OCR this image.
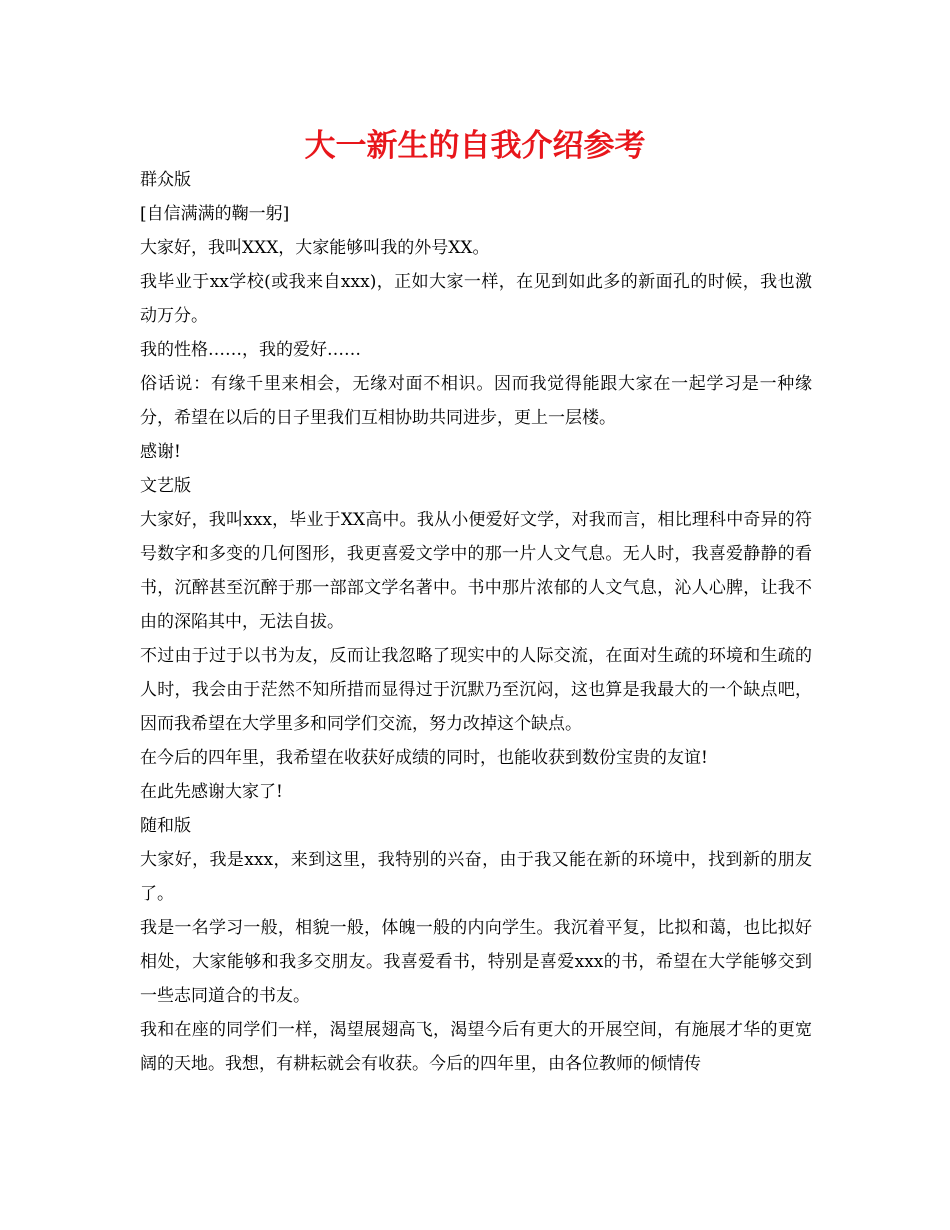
大一新生的自我介绍参考

群众版

[自信满满的鞠一躬]

大家好，我叫XXX，大家能够叫我的外号XX。

我毕业于xx学校(或我来自xxx)，正如大家一样，在见到如此多的新面孔的时候，我也激动万分。

我的性格……，我的爱好……

俗话说：有缘千里来相会，无缘对面不相识。因而我觉得能跟大家在一起学习是一种缘分，希望在以后的日子里我们互相协助共同进步，更上一层楼。

感谢!

文艺版

大家好，我叫xxx，毕业于XX高中。我从小便爱好文学，对我而言，相比理科中奇异的符号数字和多变的几何图形，我更喜爱文学中的那一片人文气息。无人时，我喜爱静静的看书，沉醉甚至沉醉于那一部部文学名著中。书中那片浓郁的人文气息，沁人心脾，让我不由的深陷其中，无法自拔。

不过由于过于以书为友，反而让我忽略了现实中的人际交流，在面对生疏的环境和生疏的人时，我会由于茫然不知所措而显得过于沉默乃至沉闷，这也算是我最大的一个缺点吧，因而我希望在大学里多和同学们交流，努力改掉这个缺点。

在今后的四年里，我希望在收获好成绩的同时，也能收获到数份宝贵的友谊!

在此先感谢大家了!

随和版

大家好，我是xxx，来到这里，我特别的兴奋，由于我又能在新的环境中，找到新的朋友了。

我是一名学习一般，相貌一般，体魄一般的内向学生。我沉着平复，比拟和蔼，也比拟好相处，大家能够和我多交朋友。我喜爱看书，特别是喜爱xxx的书，希望在大学能够交到一些志同道合的书友。

我和在座的同学们一样，渴望展翅高飞，渴望今后有更大的开展空间，有施展才华的更宽阔的天地。我想，有耕耘就会有收获。今后的四年里，由各位教师的倾情传
